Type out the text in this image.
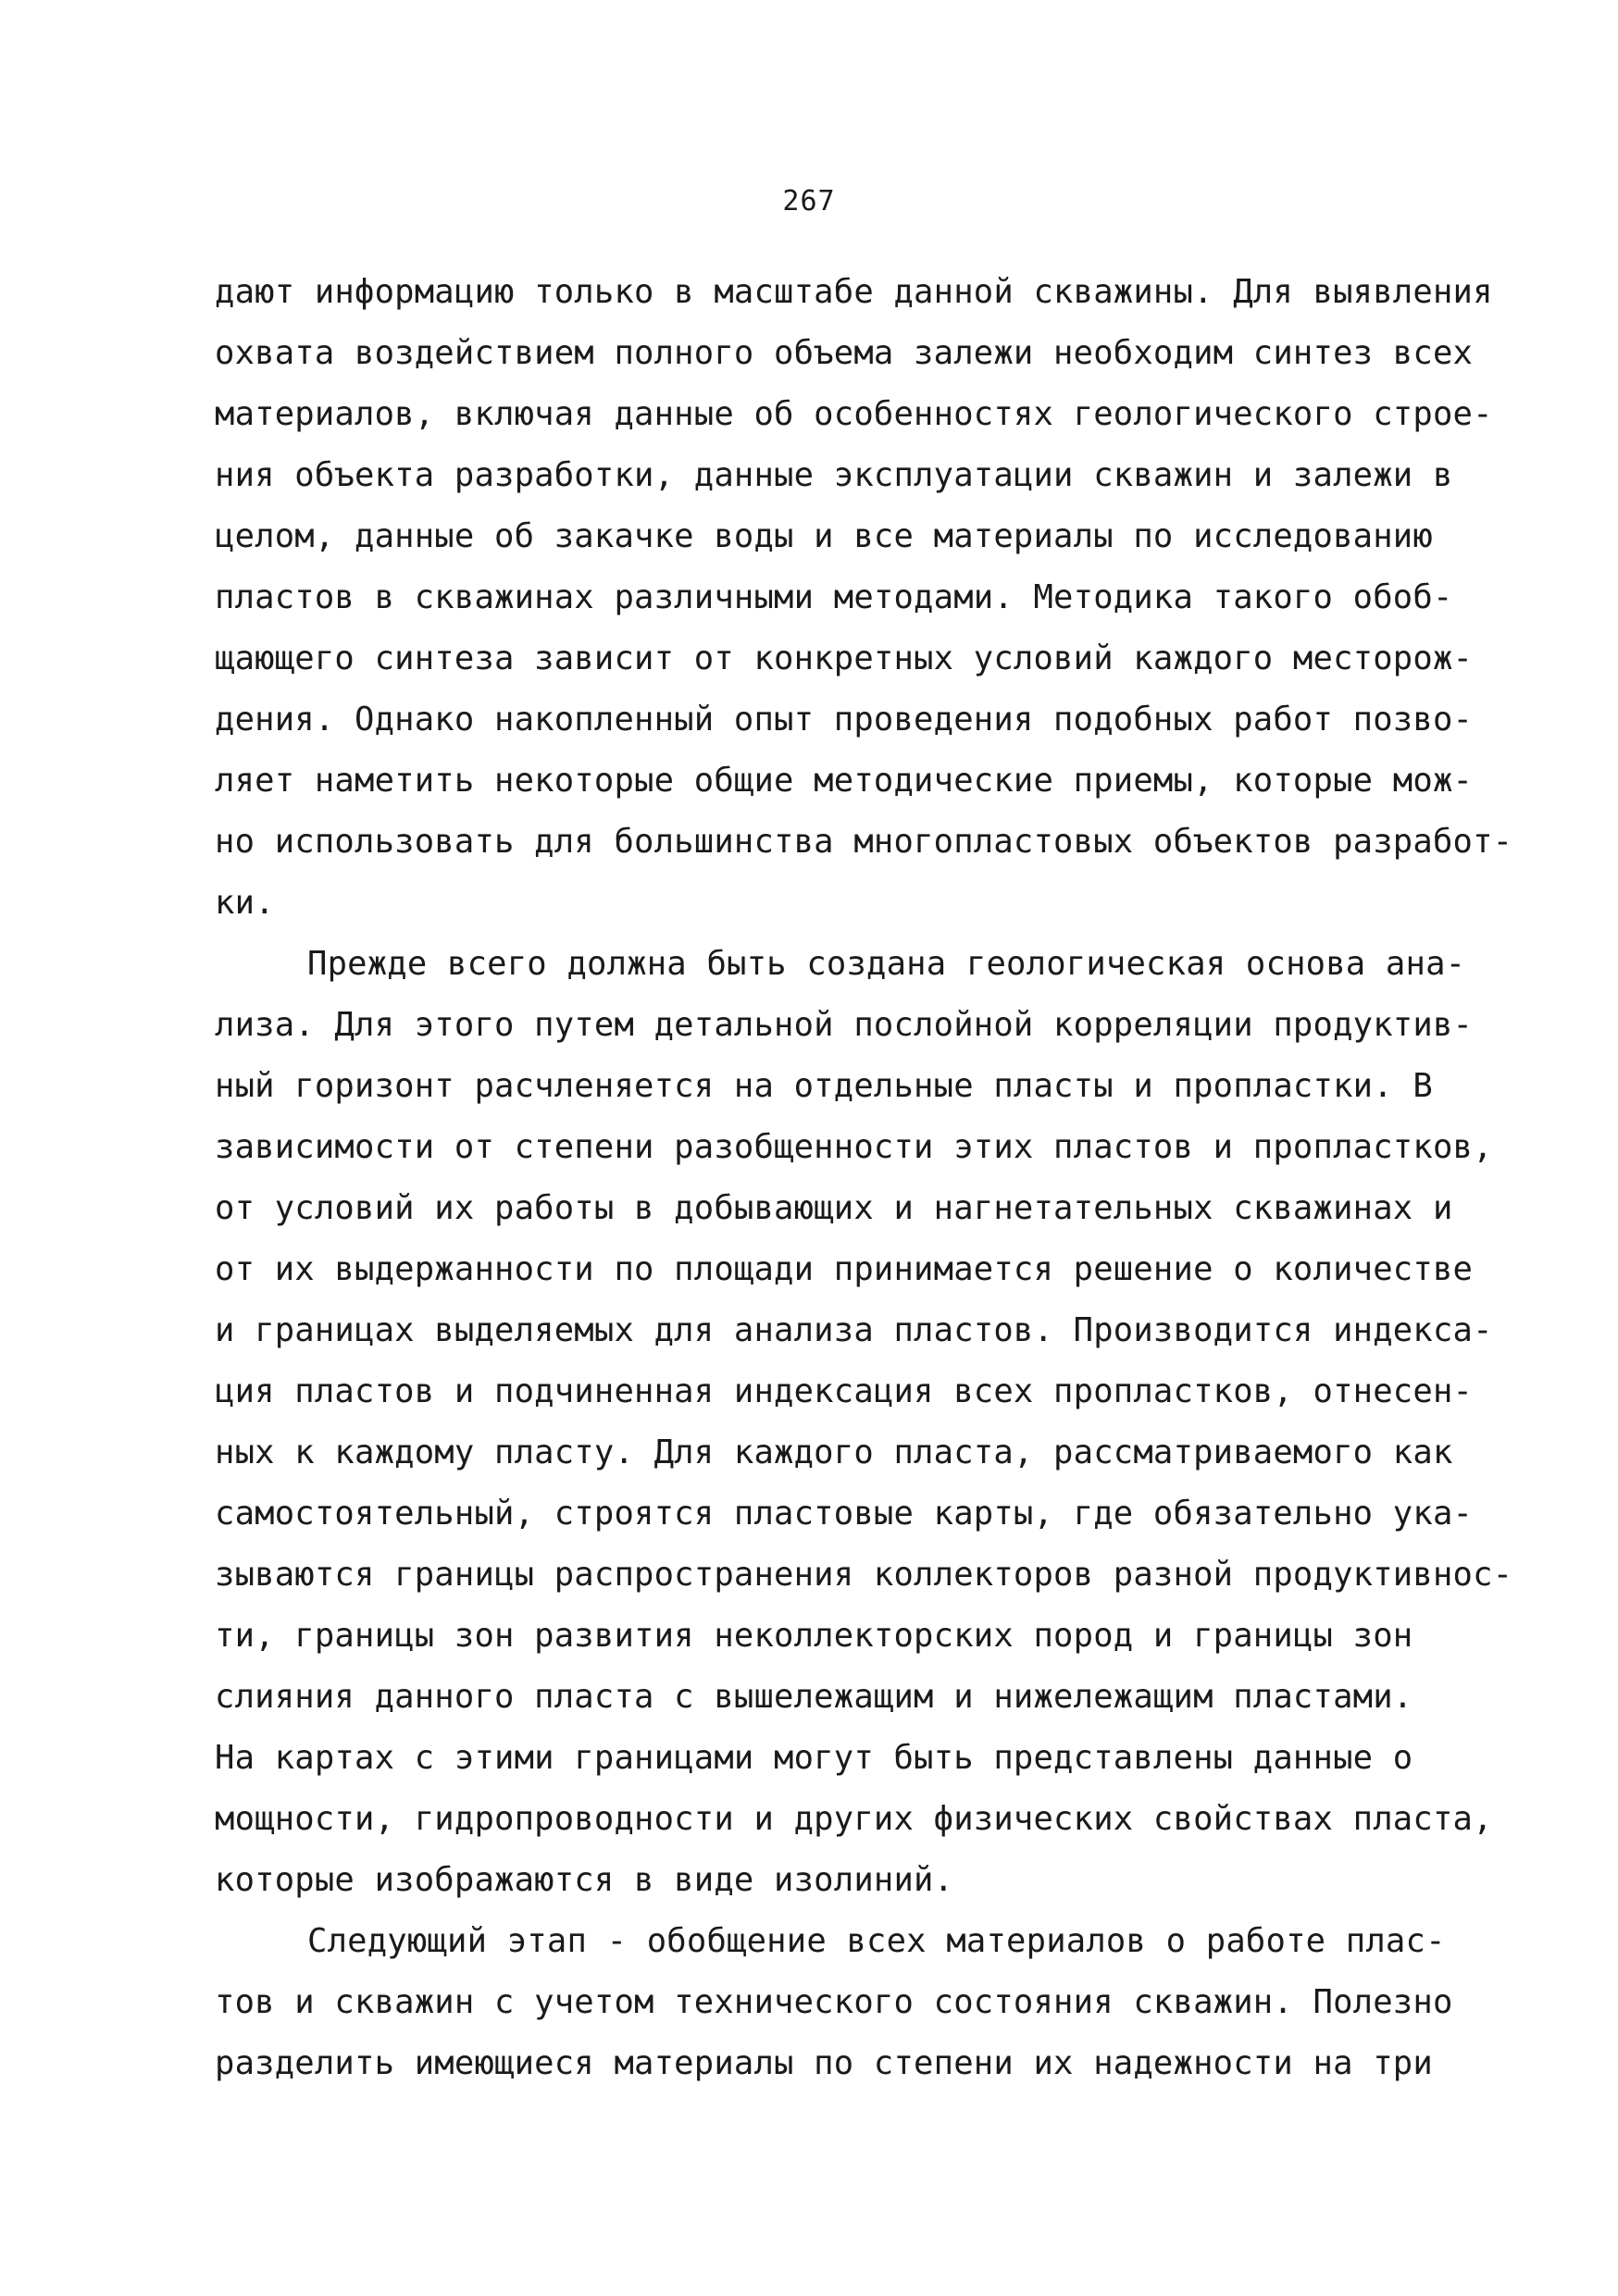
267
дают информацию только в масштабе данной скважины. Для выявления
охвата воздействием полного объема залежи необходим синтез всех
материалов, включая данные об особенностях геологического строе-
ния объекта разработки, данные эксплуатации скважин и залежи в
целом, данные об закачке воды и все материалы по исследованию
пластов в скважинах различными методами. Методика такого обоб-
щающего синтеза зависит от конкретных условий каждого месторож-
дения. Однако накопленный опыт проведения подобных работ позво-
ляет наметить некоторые общие методические приемы, которые мож-
но использовать для большинства многопластовых объектов разработ-
ки.
Прежде всего должна быть создана геологическая основа ана-
лиза. Для этого путем детальной послойной корреляции продуктив-
ный горизонт расчленяется на отдельные пласты и пропластки. В
зависимости от степени разобщенности этих пластов и пропластков,
от условий их работы в добывающих и нагнетательных скважинах и
от их выдержанности по площади принимается решение о количестве
и границах выделяемых для анализа пластов. Производится индекса-
ция пластов и подчиненная индексация всех пропластков, отнесен-
ных к каждому пласту. Для каждого пласта, рассматриваемого как
самостоятельный, строятся пластовые карты, где обязательно ука-
зываются границы распространения коллекторов разной продуктивнос-
ти, границы зон развития неколлекторских пород и границы зон
слияния данного пласта с вышележащим и нижележащим пластами.
На картах с этими границами могут быть представлены данные о
мощности, гидропроводности и других физических свойствах пласта,
которые изображаются в виде изолиний.
Следующий этап - обобщение всех материалов о работе плас-
тов и скважин с учетом технического состояния скважин. Полезно
разделить имеющиеся материалы по степени их надежности на три
